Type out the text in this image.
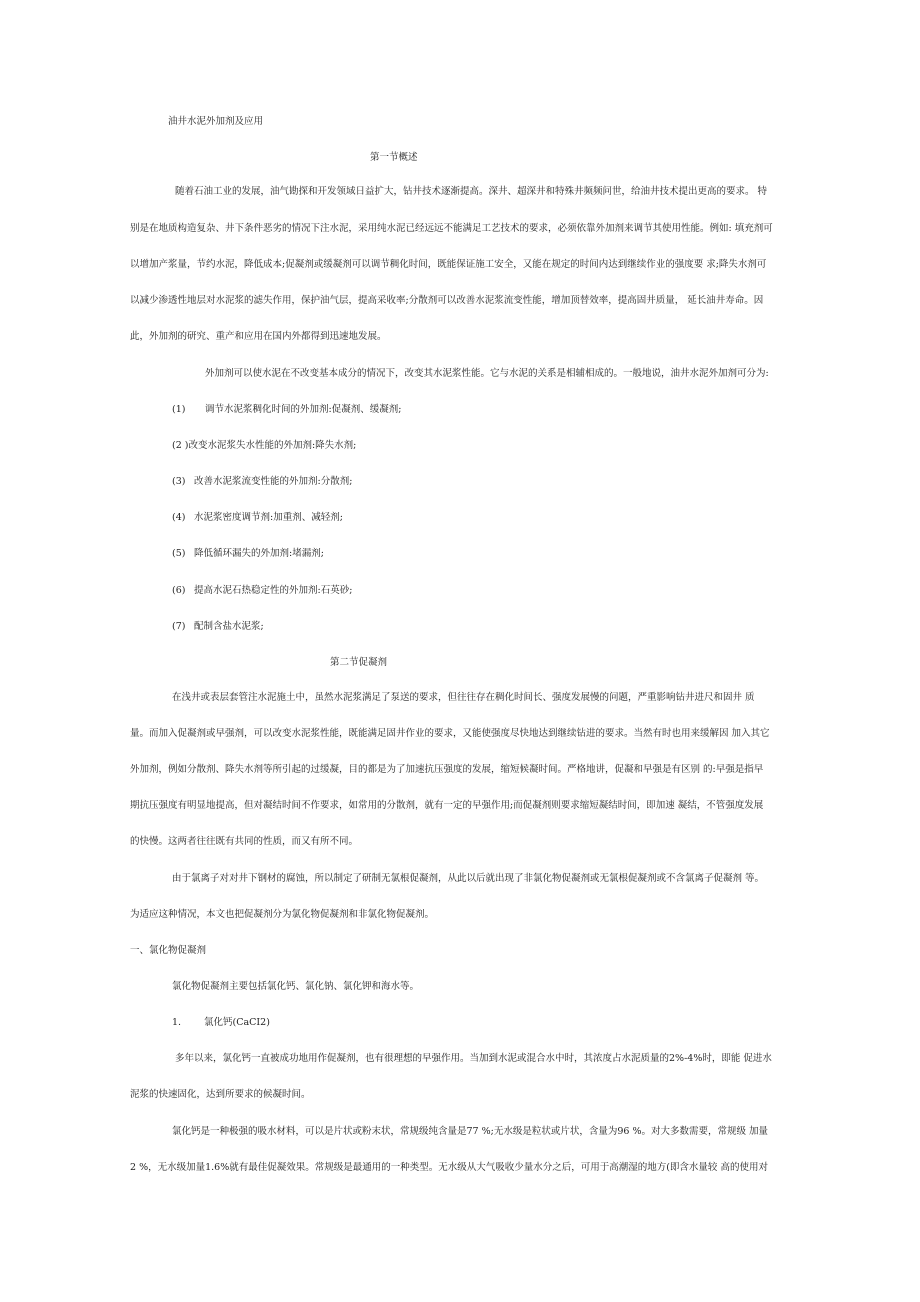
油井水泥外加剂及应用
第一节概述
随着石油工业的发展，油气勘探和开发领域日益扩大，钻井技术逐渐提高。深井、超深井和特殊井频频问世，给油井技术提出更高的要求。 特
别是在地质构造复杂、井下条件恶劣的情况下注水泥，采用纯水泥已经远远不能满足工艺技术的要求，必须依靠外加剂来调节其使用性能。例如: 填充剂可
以增加产浆量，节约水泥，降低成本;促凝剂或缓凝剂可以调节稠化时间，既能保证施工安全，又能在规定的时间内达到继续作业的强度要 求;降失水剂可
以减少渗透性地层对水泥浆的滤失作用，保护油气层，提高采收率;分散剂可以改善水泥浆流变性能，增加顶替效率，提高固井质量， 延长油井寿命。因
此，外加剂的研究、重产和应用在国内外都得到迅速地发展。
外加剂可以使水泥在不改变基本成分的情况下，改变其水泥浆性能。它与水泥的关系是相辅相成的。一般地说，油井水泥外加剂可分为:
(1) 调节水泥浆稠化时间的外加剂:促凝剂、缓凝剂;
(2 )改变水泥浆失水性能的外加剂:降失水剂;
(3) 改善水泥浆流变性能的外加剂:分散剂;
(4) 水泥浆密度调节剂:加重剂、减轻剂;
(5) 降低循环漏失的外加剂:堵漏剂;
(6) 提高水泥石热稳定性的外加剂:石英砂;
(7) 配制含盐水泥浆;
第二节促凝剂
在浅井或表层套管注水泥施土中，虽然水泥浆满足了泵送的要求，但往往存在稠化时间长、强度发展慢的问题，严重影响钻井进尺和固井 质
量。而加入促凝剂或早强剂，可以改变水泥浆性能，既能满足固井作业的要求，又能使强度尽快地达到继续钻进的要求。当然有时也用来缓解因 加入其它
外加剂，例如分散剂、降失水剂等所引起的过缓凝，目的都是为了加速抗压强度的发展，缩短候凝时间。严格地讲，促凝和早强是有区别 的:早强是指早
期抗压强度有明显地提高，但对凝结时间不作要求，如常用的分散剂，就有一定的早强作用;而促凝剂则要求缩短凝结时间，即加速 凝结，不管强度发展
的快慢。这两者往往既有共同的性质，而又有所不同。
由于氯离子对对井下钢材的腐蚀，所以制定了研制无氯根促凝剂，从此以后就出现了非氯化物促凝剂或无氯根促凝剂或不含氯离子促凝剂 等。
为适应这种情况，本文也把促凝剂分为氯化物促凝剂和非氯化物促凝剂。
一、氯化物促凝剂
氯化物促凝剂主要包括氯化钙、氯化钠、氯化钾和海水等。
1. 氯化钙(CaCI2)
多年以来，氯化钙一直被成功地用作促凝剂，也有很理想的早强作用。当加到水泥或混合水中时，其浓度占水泥质量的2%-4%时，即能 促进水
泥浆的快速固化，达到所要求的候凝时间。
氯化钙是一种极强的吸水材料，可以是片状或粉末状，常规级纯含量是77 %;无水级是粒状或片状，含量为96 %。对大多数需要，常规级 加量
2 %，无水级加量1.6%就有最佳促凝效果。常规级是最通用的一种类型。无水级从大气吸收少量水分之后，可用于高潮湿的地方(即含水量较 高的使用对
